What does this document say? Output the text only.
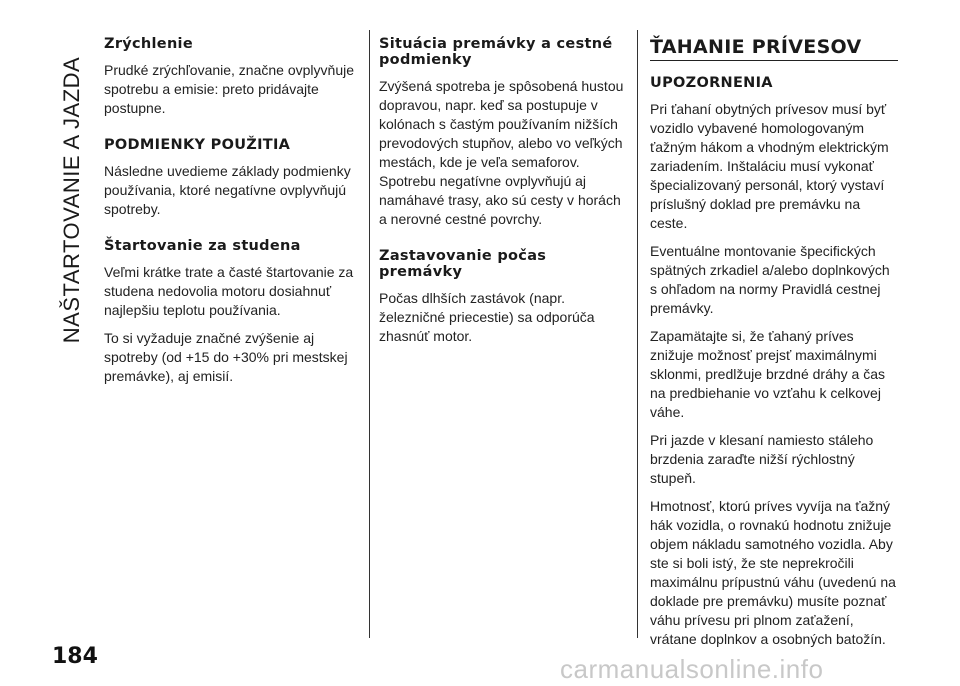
NAŠTARTOVANIE A JAZDA
Zrýchlenie

Prudké zrýchľovanie, značne ovplyvňuje spotrebu a emisie: preto pridávajte postupne.

PODMIENKY POUŽITIA

Následne uvedieme základy podmienky používania, ktoré negatívne ovplyvňujú spotreby.

Štartovanie za studena

Veľmi krátke trate a časté štartovanie za studena nedovolia motoru dosiahnuť najlepšiu teplotu používania.

To si vyžaduje značné zvýšenie aj spotreby (od +15 do +30% pri mestskej premávke), aj emisií.

Situácia premávky a cestné podmienky

Zvýšená spotreba je spôsobená hustou dopravou, napr. keď sa postupuje v kolónach s častým používaním nižších prevodových stupňov, alebo vo veľkých mestách, kde je veľa semaforov. Spotrebu negatívne ovplyvňujú aj namáhavé trasy, ako sú cesty v horách a nerovné cestné povrchy.

Zastavovanie počas premávky

Počas dlhších zastávok (napr. železničné priecestie) sa odporúča zhasnúť motor.

ŤAHANIE PRÍVESOV
UPOZORNENIA

Pri ťahaní obytných prívesov musí byť vozidlo vybavené homologovaným ťažným hákom a vhodným elektrickým zariadením. Inštaláciu musí vykonať špecializovaný personál, ktorý vystaví príslušný doklad pre premávku na ceste.

Eventuálne montovanie špecifických spätných zrkadiel a/alebo doplnkových s ohľadom na normy Pravidlá cestnej premávky.

Zapamätajte si, že ťahaný príves znižuje možnosť prejsť maximálnymi sklonmi, predlžuje brzdné dráhy a čas na predbiehanie vo vzťahu k celkovej váhe.

Pri jazde v klesaní namiesto stáleho brzdenia zaraďte nižší rýchlostný stupeň.

Hmotnosť, ktorú príves vyvíja na ťažný hák vozidla, o rovnakú hodnotu znižuje objem nákladu samotného vozidla. Aby ste si boli istý, že ste neprekročili maximálnu prípustnú váhu (uvedenú na doklade pre premávku) musíte poznať váhu prívesu pri plnom zaťažení, vrátane doplnkov a osobných batožín.

184	carmanualsonline.info
